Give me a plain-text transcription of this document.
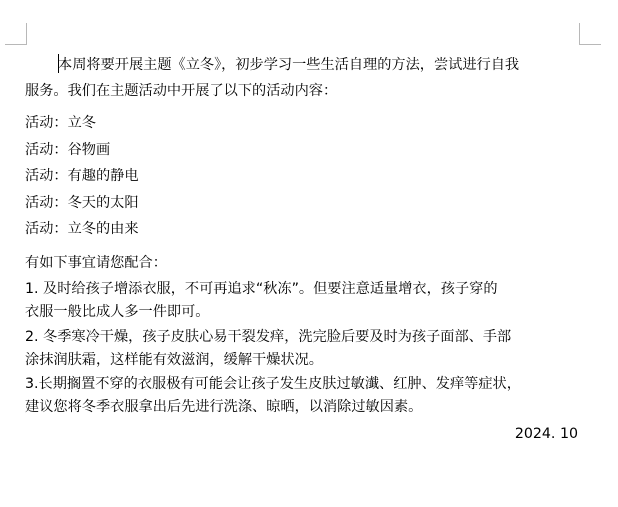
本周将要开展主题《立冬》，初步学习一些生活自理的方法，尝试进行自我
服务。我们在主题活动中开展了以下的活动内容：
活动：立冬
活动：谷物画
活动：有趣的静电
活动：冬天的太阳
活动：立冬的由来
有如下事宜请您配合：
1. 及时给孩子增添衣服，不可再追求“秋冻”。但要注意适量增衣，孩子穿的
衣服一般比成人多一件即可。
2. 冬季寒冷干燥，孩子皮肤心易干裂发痒，洗完脸后要及时为孩子面部、手部
涂抹润肤霜，这样能有效滋润，缓解干燥状况。
3.长期搁置不穿的衣服极有可能会让孩子发生皮肤过敏瀐、红肿、发痒等症状，
建议您将冬季衣服拿出后先进行洗涤、晾晒，以消除过敏因素。
2024. 10
